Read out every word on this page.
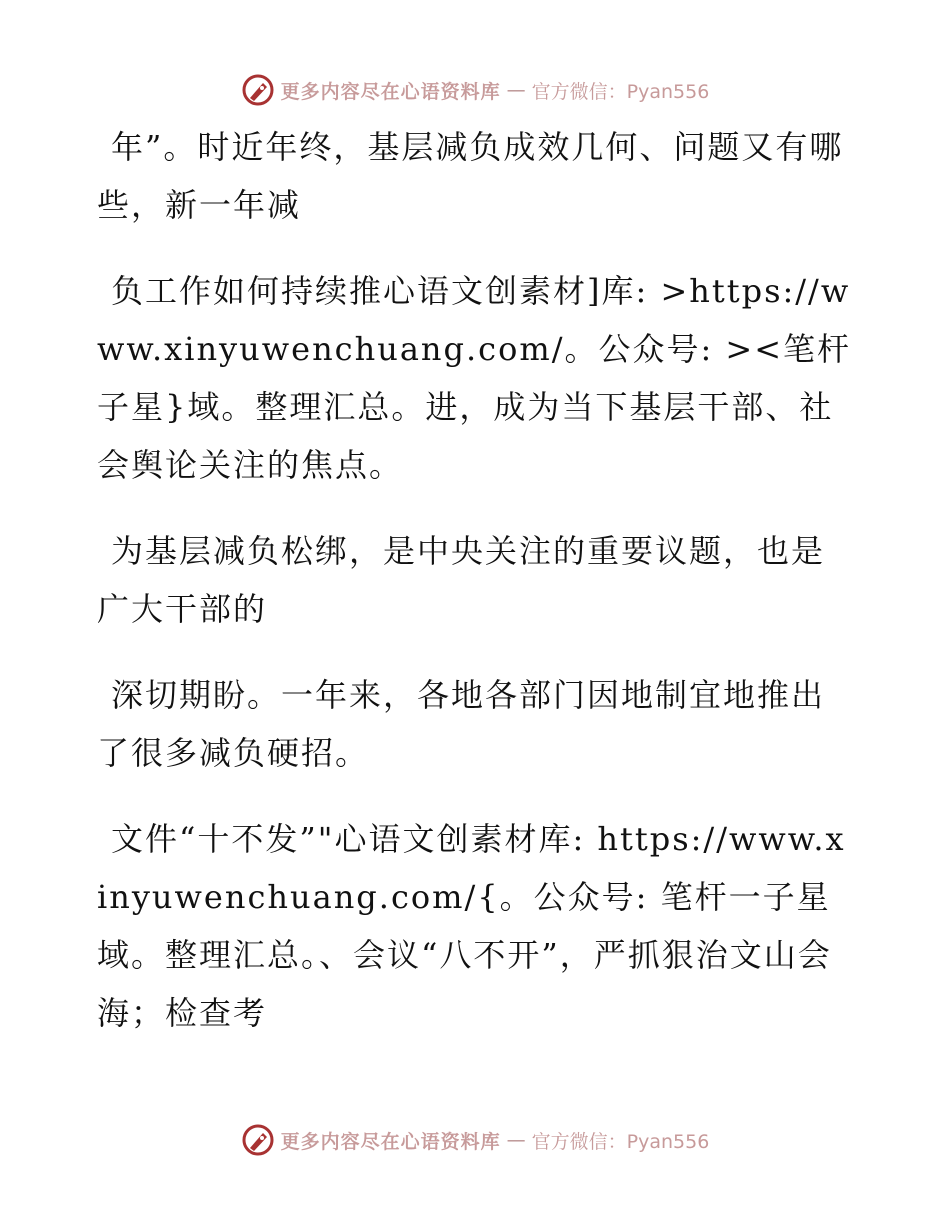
更多内容尽在心语资料库 — 官方微信：Pyan556

年”。时近年终，基层减负成效几何、问题又有哪些，新一年减

负工作如何持续推心语文创素材]库: >https://www.xinyuwenchuang.com/。公众号: ><笔杆子星}域。整理汇总。进，成为当下基层干部、社会舆论关注的焦点。

为基层减负松绑，是中央关注的重要议题，也是广大干部的

深切期盼。一年来，各地各部门因地制宜地推出了很多减负硬招。

文件“十不发”"心语文创素材库: https://www.xinyuwenchuang.com/{。公众号: 笔杆一子星域。整理汇总。、会议“八不开”，严抓狠治文山会海；检查考

更多内容尽在心语资料库 — 官方微信：Pyan556
